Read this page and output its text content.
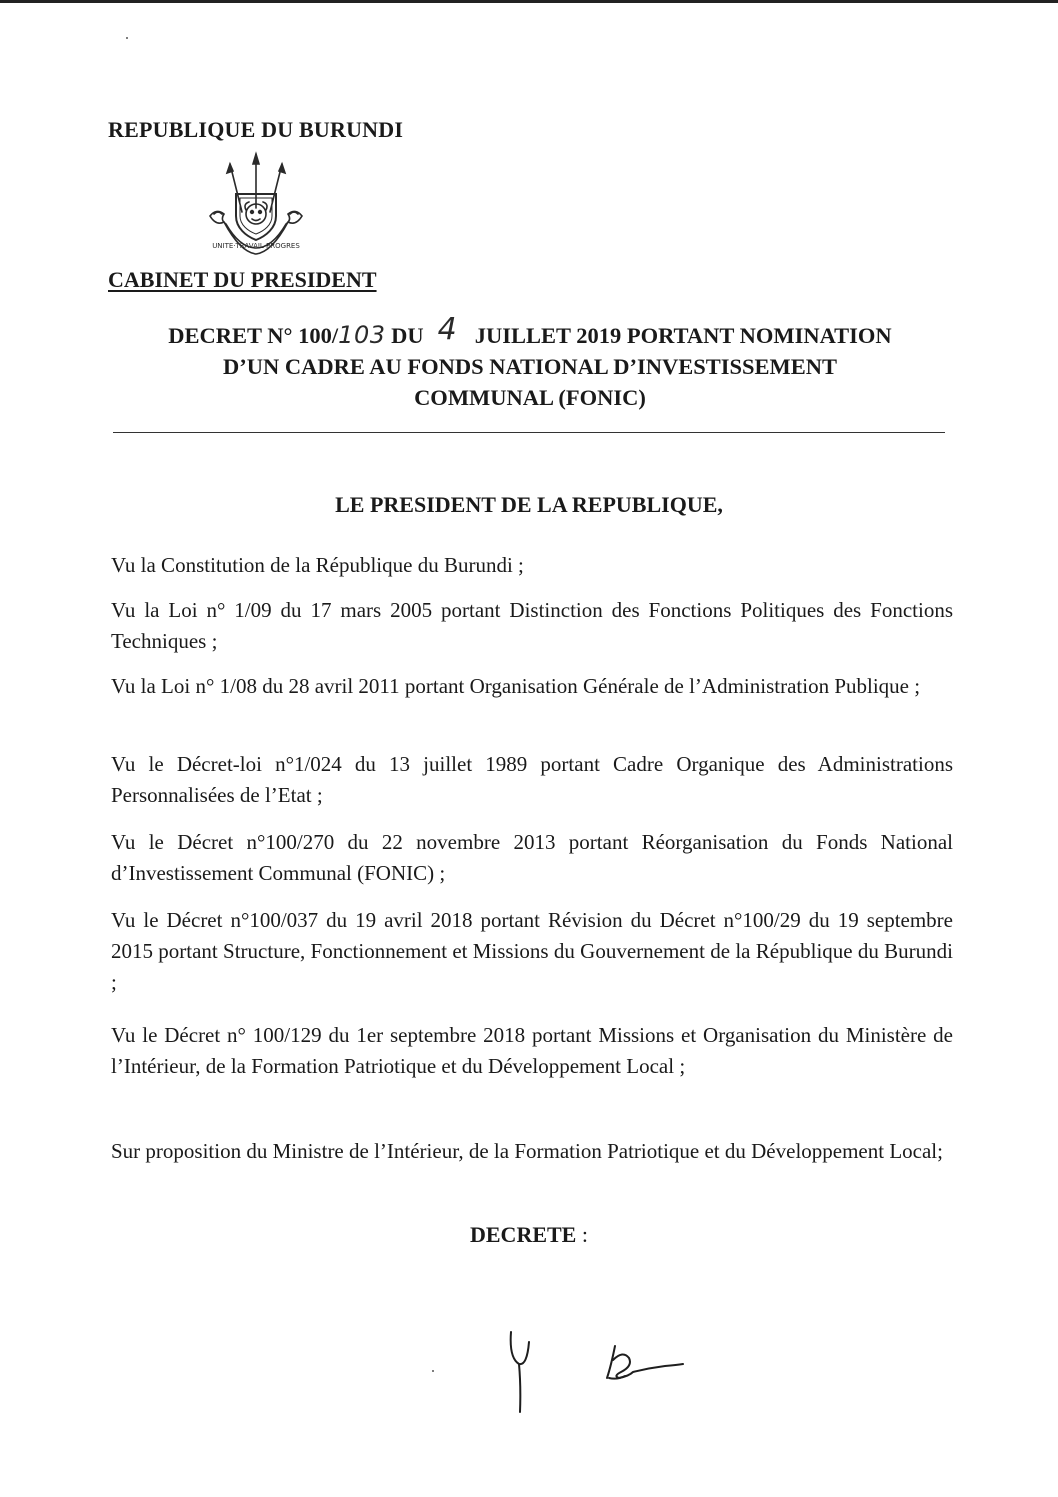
REPUBLIQUE DU BURUNDI
UNITE·TRAVAIL·PROGRES
CABINET DU PRESIDENT
DECRET N° 100/103 DU 4 JUILLET 2019 PORTANT NOMINATION
D’UN CADRE AU FONDS NATIONAL D’INVESTISSEMENT
COMMUNAL (FONIC)
LE PRESIDENT DE LA REPUBLIQUE,

Vu la Constitution de la République du Burundi ;

Vu la Loi n° 1/09 du 17 mars 2005 portant Distinction des Fonctions Politiques des Fonctions Techniques ;

Vu la Loi n° 1/08 du 28 avril 2011 portant Organisation Générale de l’Administration Publique ;

Vu le Décret-loi n°1/024 du 13 juillet 1989 portant Cadre Organique des Administrations Personnalisées de l’Etat ;

Vu le Décret n°100/270 du 22 novembre 2013 portant Réorganisation du Fonds National d’Investissement Communal (FONIC) ;

Vu le Décret n°100/037 du 19 avril 2018 portant Révision du Décret n°100/29 du 19 septembre 2015 portant Structure, Fonctionnement et Missions du Gouvernement de la République du Burundi ;

Vu le Décret n° 100/129 du 1er septembre 2018 portant Missions et Organisation du Ministère de l’Intérieur, de la Formation Patriotique et du Développement Local ;

Sur proposition du Ministre de l’Intérieur, de la Formation Patriotique et du Développement Local;

DECRETE :
